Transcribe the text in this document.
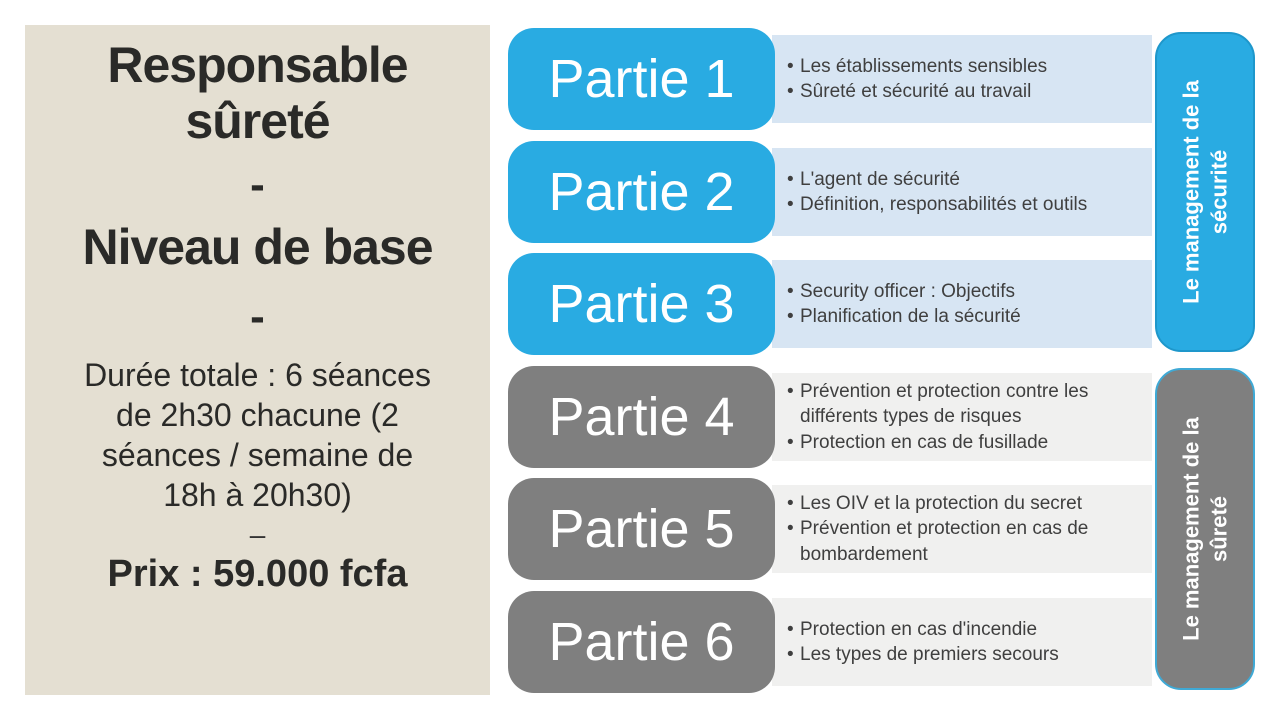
Responsable sûreté
-
Niveau de base
-

Durée totale : 6 séances de 2h30 chacune (2 séances / semaine de 18h à 20h30)

–

Prix : 59.000 fcfa

Partie 1	• Les établissements sensibles
• Sûreté et sécurité au travail
Partie 2	• L'agent de sécurité
• Définition, responsabilités et outils
Partie 3	• Security officer : Objectifs
• Planification de la sécurité
Partie 4	• Prévention et protection contre les différents types de risques
• Protection en cas de fusillade
Partie 5	• Les OIV et la protection du secret
• Prévention et protection en cas de bombardement
Partie 6	• Protection en cas d'incendie
• Les types de premiers secours
Le management de la sécurité
Le management de la sûreté
